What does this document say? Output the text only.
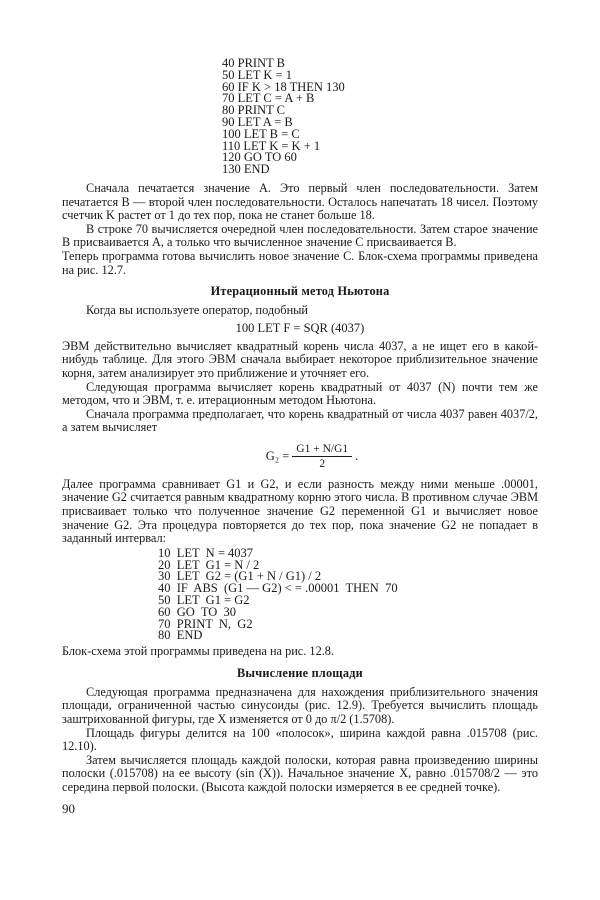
40 PRINT B
50 LET K = 1
60 IF K > 18 THEN 130
70 LET C = A + B
80 PRINT C
90 LET A = B
100 LET B = C
110 LET K = K + 1
120 GO TO 60
130 END

Сначала печатается значение A. Это первый член последовательности. Затем печатается B — второй член последовательности. Осталось напечатать 18 чисел. Поэтому счетчик K растет от 1 до тех пор, пока не станет больше 18.

В строке 70 вычисляется очередной член последовательности. Затем старое значение B присваивается A, а только что вычисленное значение C присваивается B.

Теперь программа готова вычислить новое значение C. Блок-схема программы приведена на рис. 12.7.

Итерационный метод Ньютона

Когда вы используете оператор, подобный

100 LET F = SQR (4037)

ЭВМ действительно вычисляет квадратный корень числа 4037, а не ищет его в какой-нибудь таблице. Для этого ЭВМ сначала выбирает некоторое приблизительное значение корня, затем анализирует это приближение и уточняет его.

Следующая программа вычисляет корень квадратный от 4037 (N) почти тем же методом, что и ЭВМ, т. е. итерационным методом Ньютона.

Сначала программа предполагает, что корень квадратный от числа 4037 равен 4037/2, а затем вычисляет

$G_2 = \frac{G1 + N/G1}{2}$ .

Далее программа сравнивает G1 и G2, и если разность между ними меньше .00001, значение G2 считается равным квадратному корню этого числа. В противном случае ЭВМ присваивает только что полученное значение G2 переменной G1 и вычисляет новое значение G2. Эта процедура повторяется до тех пор, пока значение G2 не попадает в заданный интервал:

10  LET  N = 4037
20  LET  G1 = N / 2
30  LET  G2 = (G1 + N / G1) / 2
40  IF  ABS  (G1 — G2) < = .00001  THEN  70
50  LET  G1 = G2
60  GO  TO  30
70  PRINT  N,  G2
80  END

Блок-схема этой программы приведена на рис. 12.8.

Вычисление площади

Следующая программа предназначена для нахождения приблизительного значения площади, ограниченной частью синусоиды (рис. 12.9). Требуется вычислить площадь заштрихованной фигуры, где X изменяется от 0 до π/2 (1.5708).

Площадь фигуры делится на 100 «полосок», ширина каждой равна .015708 (рис. 12.10).

Затем вычисляется площадь каждой полоски, которая равна произведению ширины полоски (.015708) на ее высоту (sin (X)). Начальное значение X, равно .015708/2 — это середина первой полоски. (Высота каждой полоски измеряется в ее средней точке).

90
